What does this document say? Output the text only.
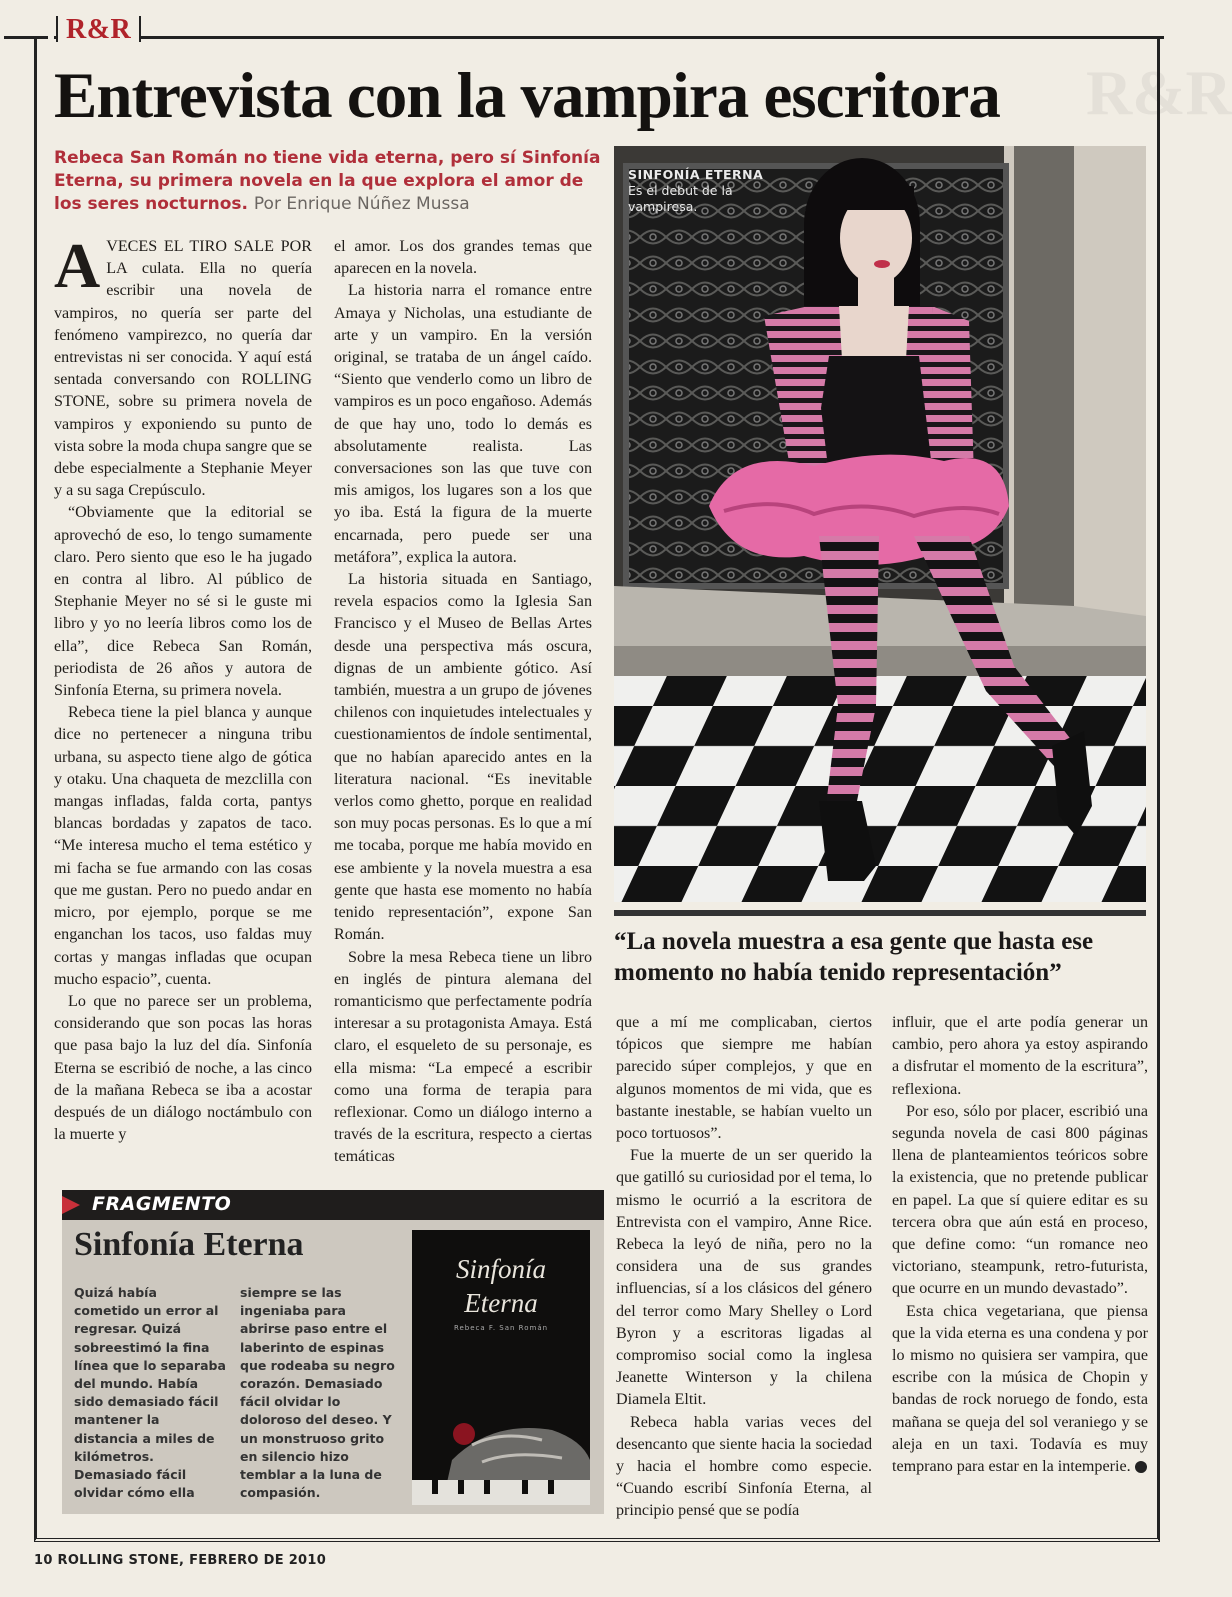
R&R
R&R
Entrevista con la vampira escritora
Rebeca San Román no tiene vida eterna, pero sí Sinfonía Eterna, su primera novela en la que explora el amor de los seres nocturnos. Por Enrique Núñez Mussa

AVECES EL TIRO SALE POR LA culata. Ella no quería escribir una novela de vampiros, no quería ser parte del fenómeno vampirezco, no quería dar entrevistas ni ser conocida. Y aquí está sentada conversando con ROLLING STONE, sobre su primera novela de vampiros y exponiendo su punto de vista sobre la moda chupa sangre que se debe especialmente a Stephanie Meyer y a su saga Crepúsculo.

“Obviamente que la editorial se aprovechó de eso, lo tengo sumamente claro. Pero siento que eso le ha jugado en contra al libro. Al público de Stephanie Meyer no sé si le guste mi libro y yo no leería libros como los de ella”, dice Rebeca San Román, periodista de 26 años y autora de Sinfonía Eterna, su primera novela.

Rebeca tiene la piel blanca y aunque dice no pertenecer a ninguna tribu urbana, su aspecto tiene algo de gótica y otaku. Una chaqueta de mezclilla con mangas infladas, falda corta, pantys blancas bordadas y zapatos de taco. “Me interesa mucho el tema estético y mi facha se fue armando con las cosas que me gustan. Pero no puedo andar en micro, por ejemplo, porque se me enganchan los tacos, uso faldas muy cortas y mangas infladas que ocupan mucho espacio”, cuenta.

Lo que no parece ser un problema, considerando que son pocas las horas que pasa bajo la luz del día. Sinfonía Eterna se escribió de noche, a las cinco de la mañana Rebeca se iba a acostar después de un diálogo noctámbulo con la muerte y

el amor. Los dos grandes temas que aparecen en la novela.

La historia narra el romance entre Amaya y Nicholas, una estudiante de arte y un vampiro. En la versión original, se trataba de un ángel caído. “Siento que venderlo como un libro de vampiros es un poco engañoso. Además de que hay uno, todo lo demás es absolutamente realista. Las conversaciones son las que tuve con mis amigos, los lugares son a los que yo iba. Está la figura de la muerte encarnada, pero puede ser una metáfora”, explica la autora.

La historia situada en Santiago, revela espacios como la Iglesia San Francisco y el Museo de Bellas Artes desde una perspectiva más oscura, dignas de un ambiente gótico. Así también, muestra a un grupo de jóvenes chilenos con inquietudes intelectuales y cuestionamientos de índole sentimental, que no habían aparecido antes en la literatura nacional. “Es inevitable verlos como ghetto, porque en realidad son muy pocas personas. Es lo que a mí me tocaba, porque me había movido en ese ambiente y la novela muestra a esa gente que hasta ese momento no había tenido representación”, expone San Román.

Sobre la mesa Rebeca tiene un libro en inglés de pintura alemana del romanticismo que perfectamente podría interesar a su protagonista Amaya. Está claro, el esqueleto de su personaje, es ella misma: “La empecé a escribir como una forma de terapia para reflexionar. Como un diálogo interno a través de la escritura, respecto a ciertas temáticas

SINFONÍA ETERNA
Es el debut de la vampiresa.
“La novela muestra a esa gente que hasta ese momento no había tenido representación”

que a mí me complicaban, ciertos tópicos que siempre me habían parecido súper complejos, y que en algunos momentos de mi vida, que es bastante inestable, se habían vuelto un poco tortuosos”.

Fue la muerte de un ser querido la que gatilló su curiosidad por el tema, lo mismo le ocurrió a la escritora de Entrevista con el vampiro, Anne Rice. Rebeca la leyó de niña, pero no la considera una de sus grandes influencias, sí a los clásicos del género del terror como Mary Shelley o Lord Byron y a escritoras ligadas al compromiso social como la inglesa Jeanette Winterson y la chilena Diamela Eltit.

Rebeca habla varias veces del desencanto que siente hacia la sociedad y hacia el hombre como especie. “Cuando escribí Sinfonía Eterna, al principio pensé que se podía

influir, que el arte podía generar un cambio, pero ahora ya estoy aspirando a disfrutar el momento de la escritura”, reflexiona.

Por eso, sólo por placer, escribió una segunda novela de casi 800 páginas llena de planteamientos teóricos sobre la existencia, que no pretende publicar en papel. La que sí quiere editar es su tercera obra que aún está en proceso, que define como: “un romance neo victoriano, steampunk, retro-futurista, que ocurre en un mundo devastado”.

Esta chica vegetariana, que piensa que la vida eterna es una condena y por lo mismo no quisiera ser vampira, que escribe con la música de Chopin y bandas de rock noruego de fondo, esta mañana se queja del sol veraniego y se aleja en un taxi. Todavía es muy temprano para estar en la intemperie.

FRAGMENTO
Sinfonía Eterna
Quizá había cometido un error al regresar. Quizá sobreestimó la fina línea que lo separaba del mundo. Había sido demasiado fácil mantener la distancia a miles de kilómetros. Demasiado fácil olvidar cómo ella
siempre se las ingeniaba para abrirse paso entre el laberinto de espinas que rodeaba su negro corazón. Demasiado fácil olvidar lo doloroso del deseo. Y un monstruoso grito en silencio hizo temblar a la luna de compasión.
Sinfonía
Eterna
Rebeca F. San Román
10 ROLLING STONE, FEBRERO DE 2010
